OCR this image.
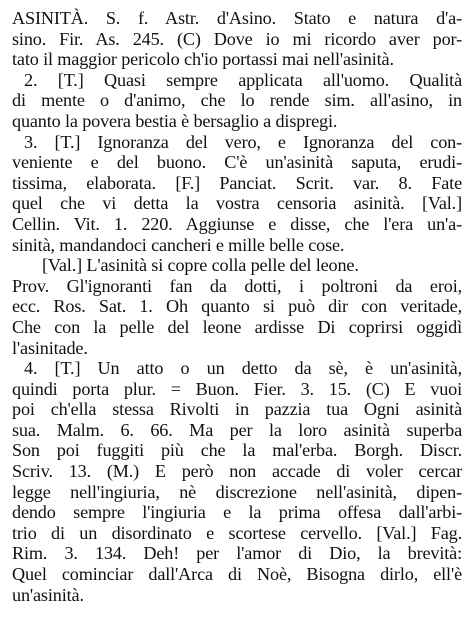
ASINITÀ. S. f. Astr. d'Asino. Stato e natura d'a-
sino. Fir. As. 245. (C) Dove io mi ricordo aver por-
tato il maggior pericolo ch'io portassi mai nell'asinità.
2. [T.] Quasi sempre applicata all'uomo. Qualità
di mente o d'animo, che lo rende sim. all'asino, in
quanto la povera bestia è bersaglio a dispregi.
3. [T.] Ignoranza del vero, e Ignoranza del con-
veniente e del buono. C'è un'asinità saputa, erudi-
tissima, elaborata. [F.] Panciat. Scrit. var. 8. Fate
quel che vi detta la vostra censoria asinità. [Val.]
Cellin. Vit. 1. 220. Aggiunse e disse, che l'era un'a-
sinità, mandandoci cancheri e mille belle cose.
[Val.] L'asinità si copre colla pelle del leone.
Prov. Gl'ignoranti fan da dotti, i poltroni da eroi,
ecc. Ros. Sat. 1. Oh quanto si può dir con veritade,
Che con la pelle del leone ardisse Di coprirsi oggidì
l'asinitade.
4. [T.] Un atto o un detto da sè, è un'asinità,
quindi porta plur. = Buon. Fier. 3. 15. (C) E vuoi
poi ch'ella stessa Rivolti in pazzia tua Ogni asinità
sua. Malm. 6. 66. Ma per la loro asinità superba
Son poi fuggiti più che la mal'erba. Borgh. Discr.
Scriv. 13. (M.) E però non accade di voler cercar
legge nell'ingiuria, nè discrezione nell'asinità, dipen-
dendo sempre l'ingiuria e la prima offesa dall'arbi-
trio di un disordinato e scortese cervello. [Val.] Fag.
Rim. 3. 134. Deh! per l'amor di Dio, la brevità:
Quel cominciar dall'Arca di Noè, Bisogna dirlo, ell'è
un'asinità.
